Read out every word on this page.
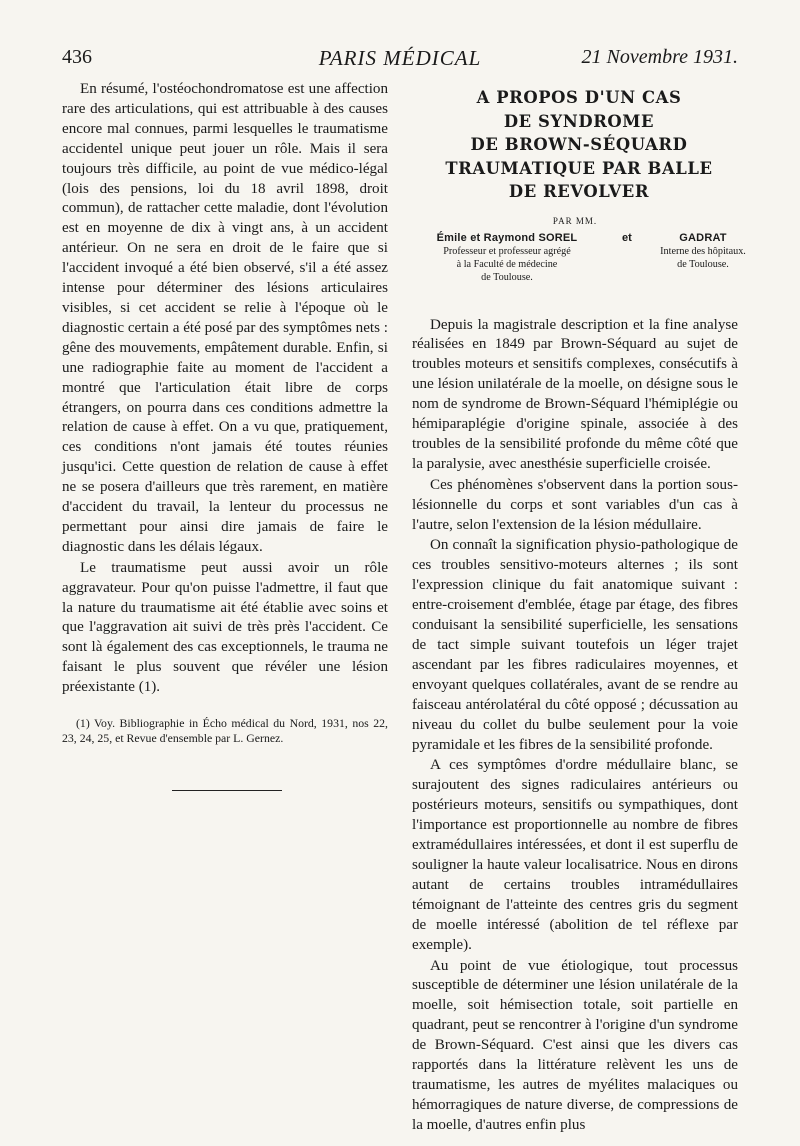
436	PARIS MÉDICAL	21 Novembre 1931.

En résumé, l'ostéochondromatose est une affection rare des articulations, qui est attribuable à des causes encore mal connues, parmi lesquelles le traumatisme accidentel unique peut jouer un rôle. Mais il sera toujours très difficile, au point de vue médico-légal (lois des pensions, loi du 18 avril 1898, droit commun), de rattacher cette maladie, dont l'évolution est en moyenne de dix à vingt ans, à un accident antérieur. On ne sera en droit de le faire que si l'accident invoqué a été bien observé, s'il a été assez intense pour déterminer des lésions articulaires visibles, si cet accident se relie à l'époque où le diagnostic certain a été posé par des symptômes nets : gêne des mouvements, empâtement durable. Enfin, si une radiographie faite au moment de l'accident a montré que l'articulation était libre de corps étrangers, on pourra dans ces conditions admettre la relation de cause à effet. On a vu que, pratiquement, ces conditions n'ont jamais été toutes réunies jusqu'ici. Cette question de relation de cause à effet ne se posera d'ailleurs que très rarement, en matière d'accident du travail, la lenteur du processus ne permettant pour ainsi dire jamais de faire le diagnostic dans les délais légaux.

Le traumatisme peut aussi avoir un rôle aggravateur. Pour qu'on puisse l'admettre, il faut que la nature du traumatisme ait été établie avec soins et que l'aggravation ait suivi de très près l'accident. Ce sont là également des cas exceptionnels, le trauma ne faisant le plus souvent que révéler une lésion préexistante (1).

(1) Voy. Bibliographie in Écho médical du Nord, 1931, nos 22, 23, 24, 25, et Revue d'ensemble par L. Gernez.

A PROPOS D'UN CAS
DE SYNDROME
DE BROWN-SÉQUARD
TRAUMATIQUE PAR BALLE
DE REVOLVER
PAR MM.
Émile et Raymond SOREL
Professeur et professeur agrégé
à la Faculté de médecine
de Toulouse.
et	GADRAT
Interne des hôpitaux.
de Toulouse.

Depuis la magistrale description et la fine analyse réalisées en 1849 par Brown-Séquard au sujet de troubles moteurs et sensitifs complexes, consécutifs à une lésion unilatérale de la moelle, on désigne sous le nom de syndrome de Brown-Séquard l'hémiplégie ou hémiparaplégie d'origine spinale, associée à des troubles de la sensibilité profonde du même côté que la paralysie, avec anesthésie superficielle croisée.

Ces phénomènes s'observent dans la portion sous-lésionnelle du corps et sont variables d'un cas à l'autre, selon l'extension de la lésion médullaire.

On connaît la signification physio-pathologique de ces troubles sensitivo-moteurs alternes ; ils sont l'expression clinique du fait anatomique suivant : entre-croisement d'emblée, étage par étage, des fibres conduisant la sensibilité superficielle, les sensations de tact simple suivant toutefois un léger trajet ascendant par les fibres radiculaires moyennes, et envoyant quelques collatérales, avant de se rendre au faisceau antérolatéral du côté opposé ; décussation au niveau du collet du bulbe seulement pour la voie pyramidale et les fibres de la sensibilité profonde.

A ces symptômes d'ordre médullaire blanc, se surajoutent des signes radiculaires antérieurs ou postérieurs moteurs, sensitifs ou sympathiques, dont l'importance est proportionnelle au nombre de fibres extramédullaires intéressées, et dont il est superflu de souligner la haute valeur localisatrice. Nous en dirons autant de certains troubles intramédullaires témoignant de l'atteinte des centres gris du segment de moelle intéressé (abolition de tel réflexe par exemple).

Au point de vue étiologique, tout processus susceptible de déterminer une lésion unilatérale de la moelle, soit hémisection totale, soit partielle en quadrant, peut se rencontrer à l'origine d'un syndrome de Brown-Séquard. C'est ainsi que les divers cas rapportés dans la littérature relèvent les uns de traumatisme, les autres de myélites malaciques ou hémorragiques de nature diverse, de compressions de la moelle, d'autres enfin plus
